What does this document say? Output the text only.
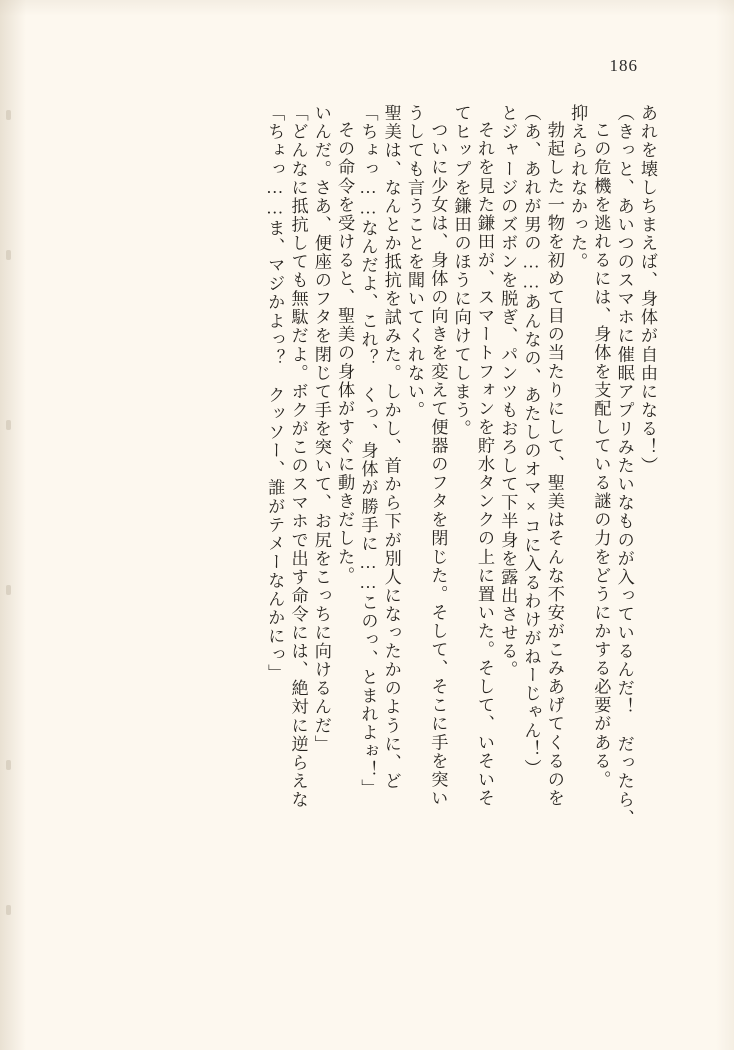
186
「ちょっ……ま、マジかよっ？　クッソー、誰がテメーなんかにっ」 「どんなに抵抗しても無駄だよ。ボクがこのスマホで出す命令には、絶対に逆らえな いんだ。さあ、便座のフタを閉じて手を突いて、お尻をこっちに向けるんだ」 その命令を受けると、聖美の身体がすぐに動きだした。 「ちょっ……なんだよ、これ？　くっ、身体が勝手に……このっ、とまれよぉ！」 聖美は、なんとか抵抗を試みた。しかし、首から下が別人になったかのように、ど うしても言うことを聞いてくれない。 ついに少女は、身体の向きを変えて便器のフタを閉じた。そして、そこに手を突い てヒップを鎌田のほうに向けてしまう。 それを見た鎌田が、スマートフォンを貯水タンクの上に置いた。そして、いそいそ とジャージのズボンを脱ぎ、パンツもおろして下半身を露出させる。 （あ、あれが男の……あんなの、あたしのオマ×コに入るわけがねーじゃん！） 勃起した一物を初めて目の当たりにして、聖美はそんな不安がこみあげてくるのを 抑えられなかった。 この危機を逃れるには、身体を支配している謎の力をどうにかする必要がある。 （きっと、あいつのスマホに催眠アプリみたいなものが入っているんだ！　だったら、 あれを壊しちまえば、身体が自由になる！）
